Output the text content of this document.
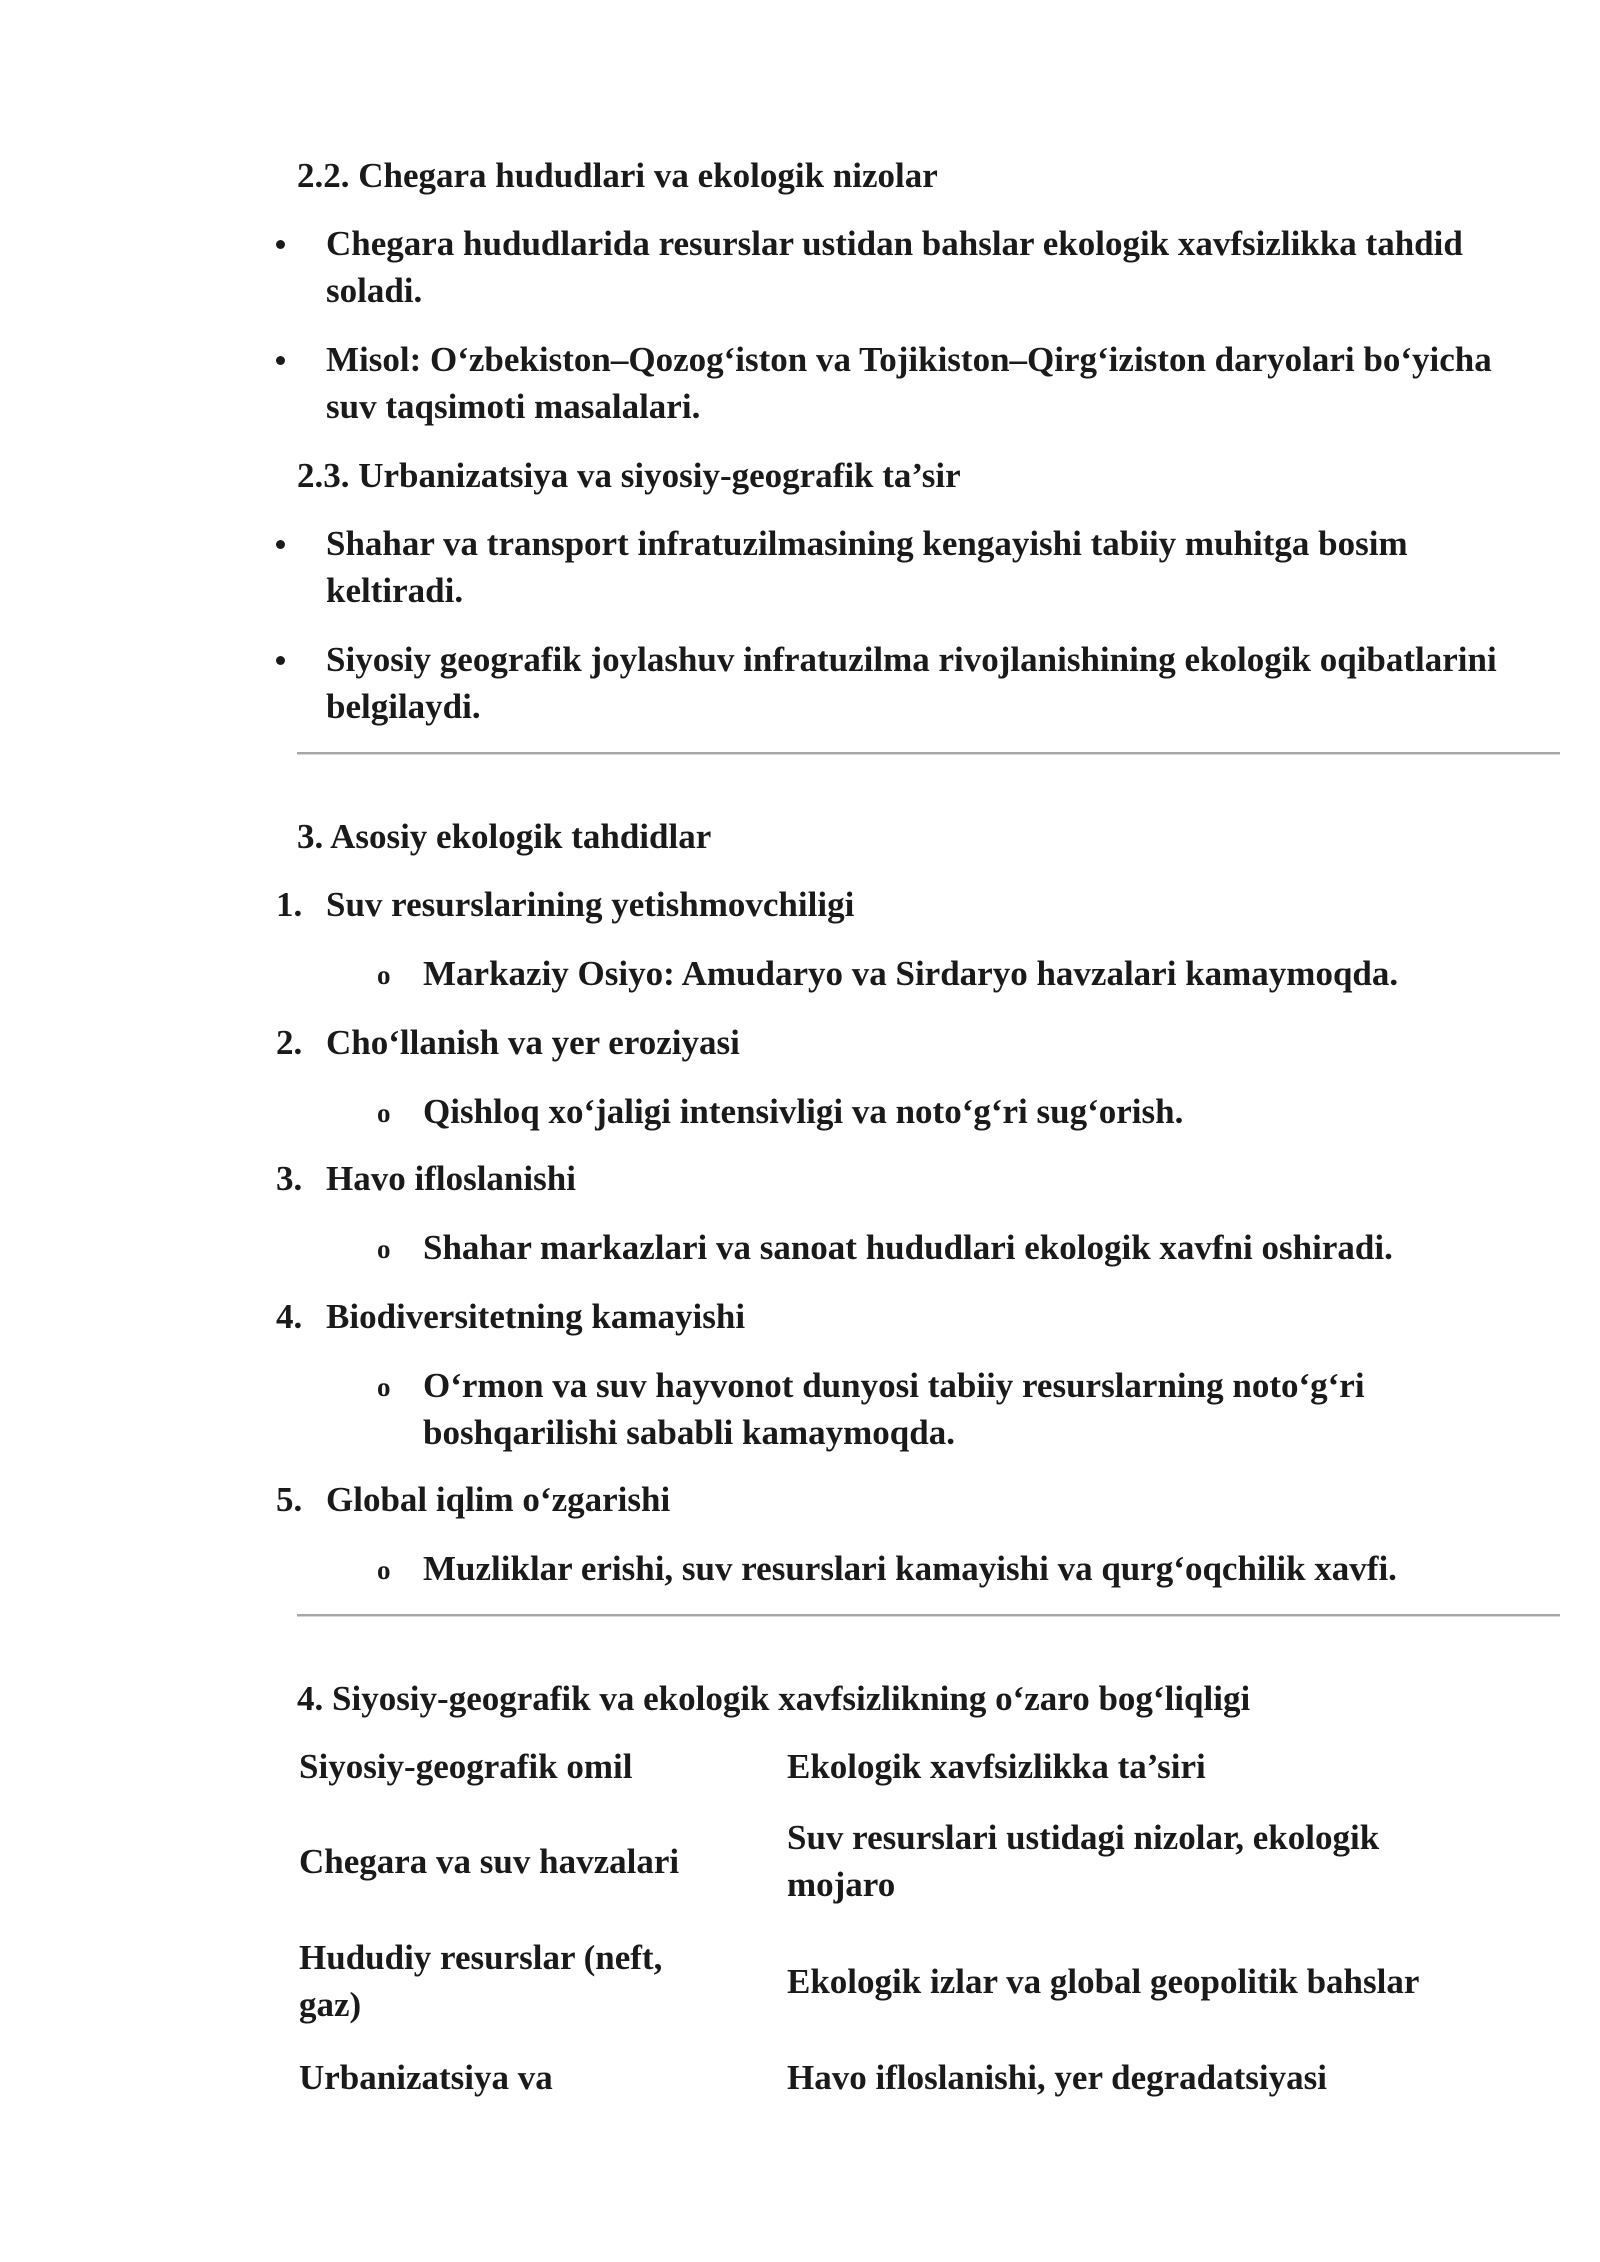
2.2. Chegara hududlari va ekologik nizolar
Chegara hududlarida resurslar ustidan bahslar ekologik xavfsizlikka tahdid soladi.
Misol: O‘zbekiston–Qozog‘iston va Tojikiston–Qirg‘iziston daryolari bo‘yicha suv taqsimoti masalalari.
2.3. Urbanizatsiya va siyosiy-geografik ta’sir
Shahar va transport infratuzilmasining kengayishi tabiiy muhitga bosim keltiradi.
Siyosiy geografik joylashuv infratuzilma rivojlanishining ekologik oqibatlarini belgilaydi.
3. Asosiy ekologik tahdidlar
1. Suv resurslarining yetishmovchiligi
o Markaziy Osiyo: Amudaryo va Sirdaryo havzalari kamaymoqda.
2. Cho‘llanish va yer eroziyasi
o Qishloq xo‘jaligi intensivligi va noto‘g‘ri sug‘orish.
3. Havo ifloslanishi
o Shahar markazlari va sanoat hududlari ekologik xavfni oshiradi.
4. Biodiversitetning kamayishi
o O‘rmon va suv hayvonot dunyosi tabiiy resurslarning noto‘g‘ri boshqarilishi sababli kamaymoqda.
5. Global iqlim o‘zgarishi
o Muzliklar erishi, suv resurslari kamayishi va qurg‘oqchilik xavfi.
4. Siyosiy-geografik va ekologik xavfsizlikning o‘zaro bog‘liqligi
Siyosiy-geografik omil	Ekologik xavfsizlikka ta’siri
Chegara va suv havzalari
Suv resurslari ustidagi nizolar, ekologik mojaro
Hududiy resurslar (neft, gaz)
Ekologik izlar va global geopolitik bahslar
Urbanizatsiya va	Havo ifloslanishi, yer degradatsiyasi
